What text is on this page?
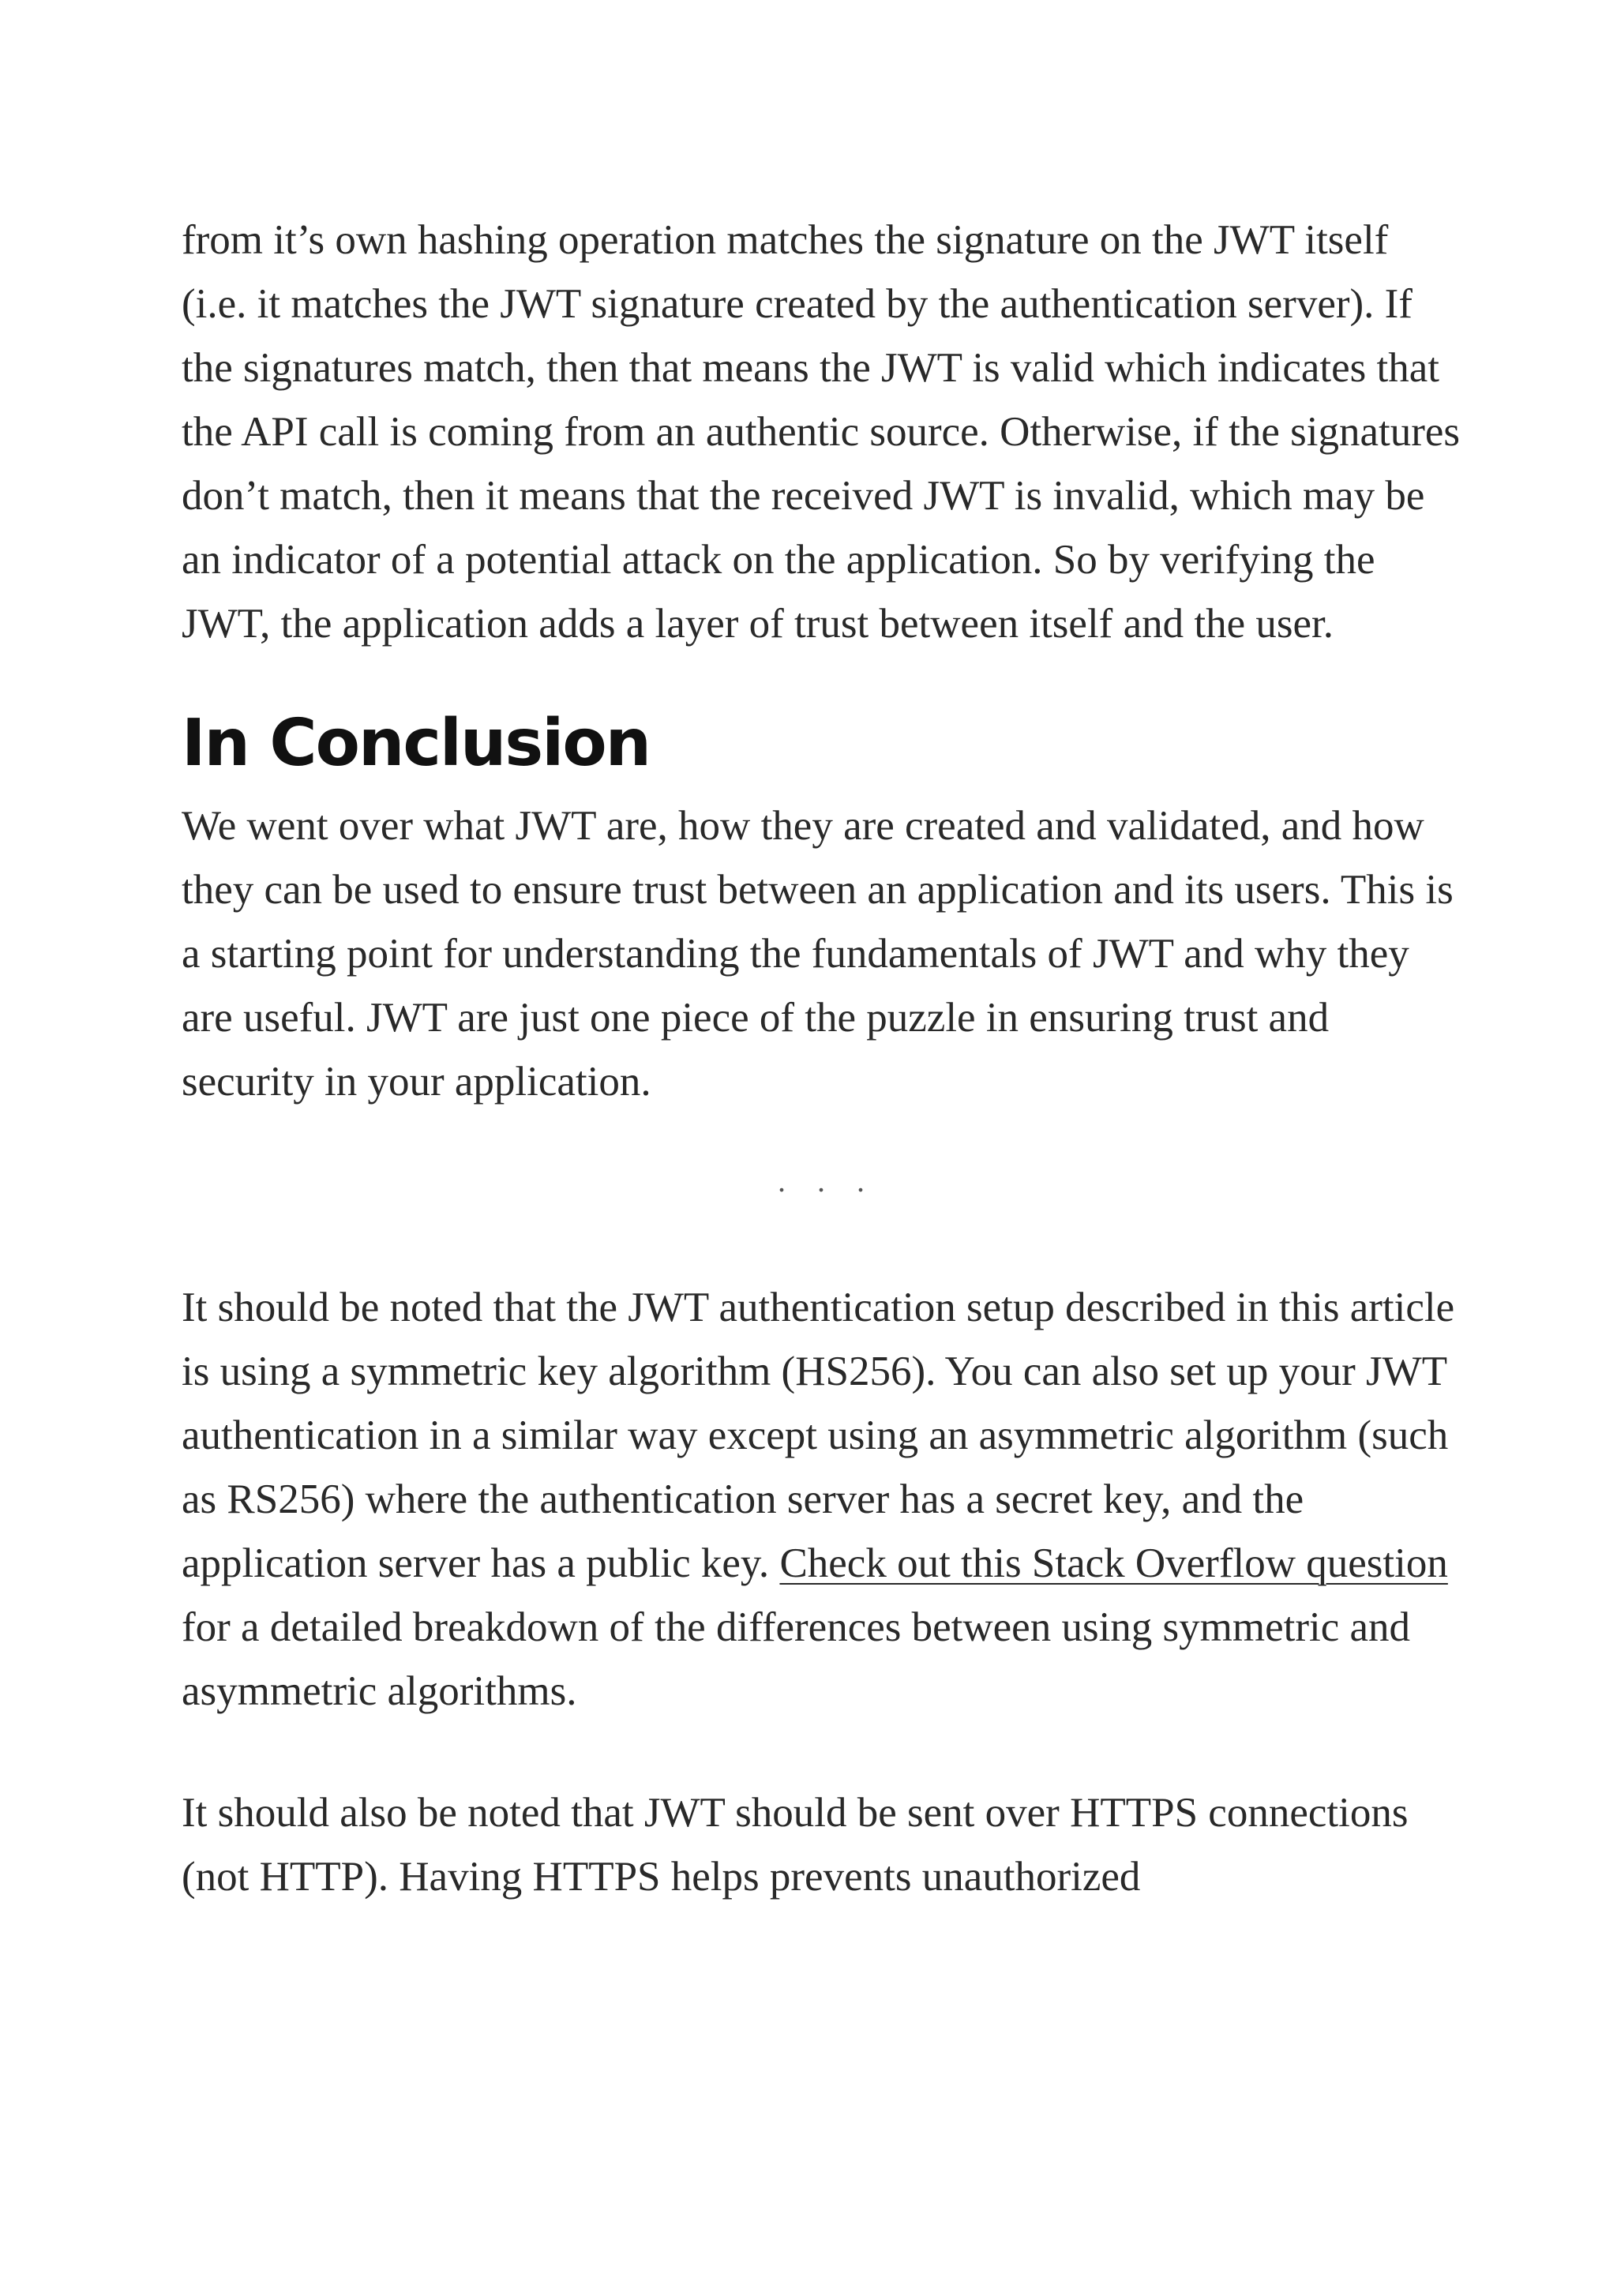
from it’s own hashing operation matches the signature on the JWT itself (i.e. it matches the JWT signature created by the authentication server). If the signatures match, then that means the JWT is valid which indicates that the API call is coming from an authentic source. Otherwise, if the signatures don’t match, then it means that the received JWT is invalid, which may be an indicator of a potential attack on the application. So by verifying the JWT, the application adds a layer of trust between itself and the user.

In Conclusion

We went over what JWT are, how they are created and validated, and how they can be used to ensure trust between an application and its users. This is a starting point for understanding the fundamentals of JWT and why they are useful. JWT are just one piece of the puzzle in ensuring trust and security in your application.

...

It should be noted that the JWT authentication setup described in this article is using a symmetric key algorithm (HS256). You can also set up your JWT authentication in a similar way except using an asymmetric algorithm (such as RS256) where the authentication server has a secret key, and the application server has a public key. Check out this Stack Overflow question for a detailed breakdown of the differences between using symmetric and asymmetric algorithms.

It should also be noted that JWT should be sent over HTTPS connections (not HTTP). Having HTTPS helps prevents unauthorized
